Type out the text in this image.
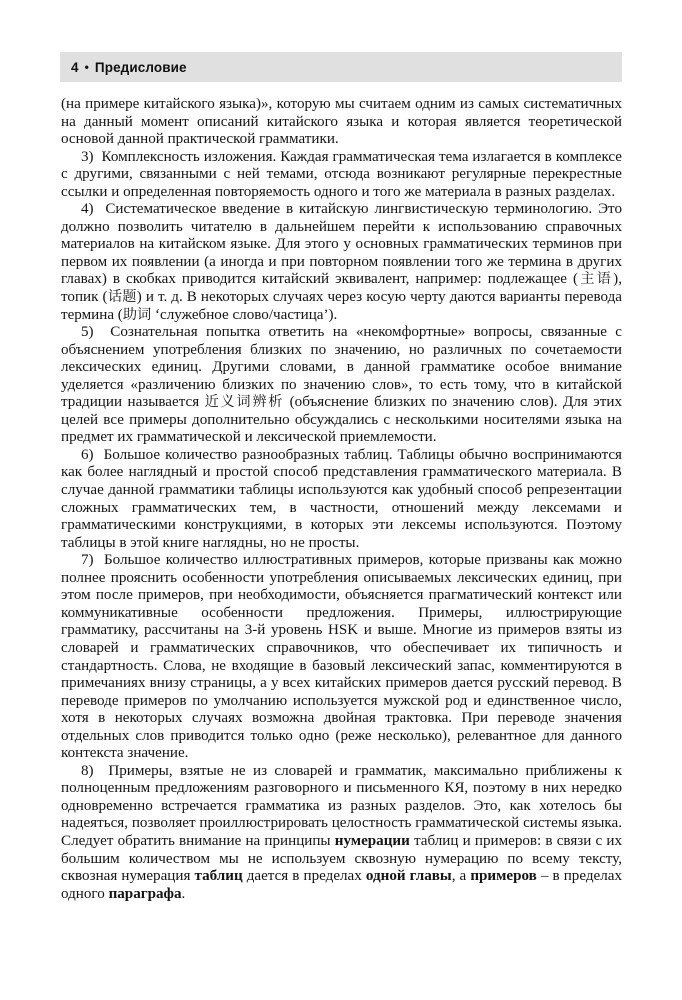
4 • Предисловие

(на примере китайского языка)», которую мы считаем одним из самых систематичных на данный момент описаний китайского языка и которая является теоретической основой данной практической грамматики.

3)  Комплексность изложения. Каждая грамматическая тема излагается в комплексе с другими, связанными с ней темами, отсюда возникают регулярные перекрестные ссылки и определенная повторяемость одного и того же материала в разных разделах.

4)  Систематическое введение в китайскую лингвистическую терминологию. Это должно позволить читателю в дальнейшем перейти к использованию справочных материалов на китайском языке. Для этого у основных грамматических терминов при первом их появлении (а иногда и при повторном появлении того же термина в других главах) в скобках приводится китайский эквивалент, например: подлежащее (主语), топик (话题) и т. д. В некоторых случаях через косую черту даются варианты перевода термина (助词 ‘служебное слово/частица’).

5)  Сознательная попытка ответить на «некомфортные» вопросы, связанные с объяснением употребления близких по значению, но различных по сочетаемости лексических единиц. Другими словами, в данной грамматике особое внимание уделяется «различению близких по значению слов», то есть тому, что в китайской традиции называется 近义词辨析 (объяснение близких по значению слов). Для этих целей все примеры дополнительно обсуждались с несколькими носителями языка на предмет их грамматической и лексической приемлемости.

6)  Большое количество разнообразных таблиц. Таблицы обычно воспринимаются как более наглядный и простой способ представления грамматического материала. В случае данной грамматики таблицы используются как удобный способ репрезентации сложных грамматических тем, в частности, отношений между лексемами и грамматическими конструкциями, в которых эти лексемы используются. Поэтому таблицы в этой книге наглядны, но не просты.

7)  Большое количество иллюстративных примеров, которые призваны как можно полнее прояснить особенности употребления описываемых лексических единиц, при этом после примеров, при необходимости, объясняется прагматический контекст или коммуникативные особенности предложения. Примеры, иллюстрирующие грамматику, рассчитаны на 3-й уровень HSK и выше. Многие из примеров взяты из словарей и грамматических справочников, что обеспечивает их типичность и стандартность. Слова, не входящие в базовый лексический запас, комментируются в примечаниях внизу страницы, а у всех китайских примеров дается русский перевод. В переводе примеров по умолчанию используется мужской род и единственное число, хотя в некоторых случаях возможна двойная трактовка. При переводе значения отдельных слов приводится только одно (реже несколько), релевантное для данного контекста значение.

8)  Примеры, взятые не из словарей и грамматик, максимально приближены к полноценным предложениям разговорного и письменного КЯ, поэтому в них нередко одновременно встречается грамматика из разных разделов. Это, как хотелось бы надеяться, позволяет проиллюстрировать целостность грамматической системы языка. Следует обратить внимание на принципы нумерации таблиц и примеров: в связи с их большим количеством мы не используем сквозную нумерацию по всему тексту, сквозная нумерация таблиц дается в пределах одной главы, а примеров – в пределах одного параграфа.
